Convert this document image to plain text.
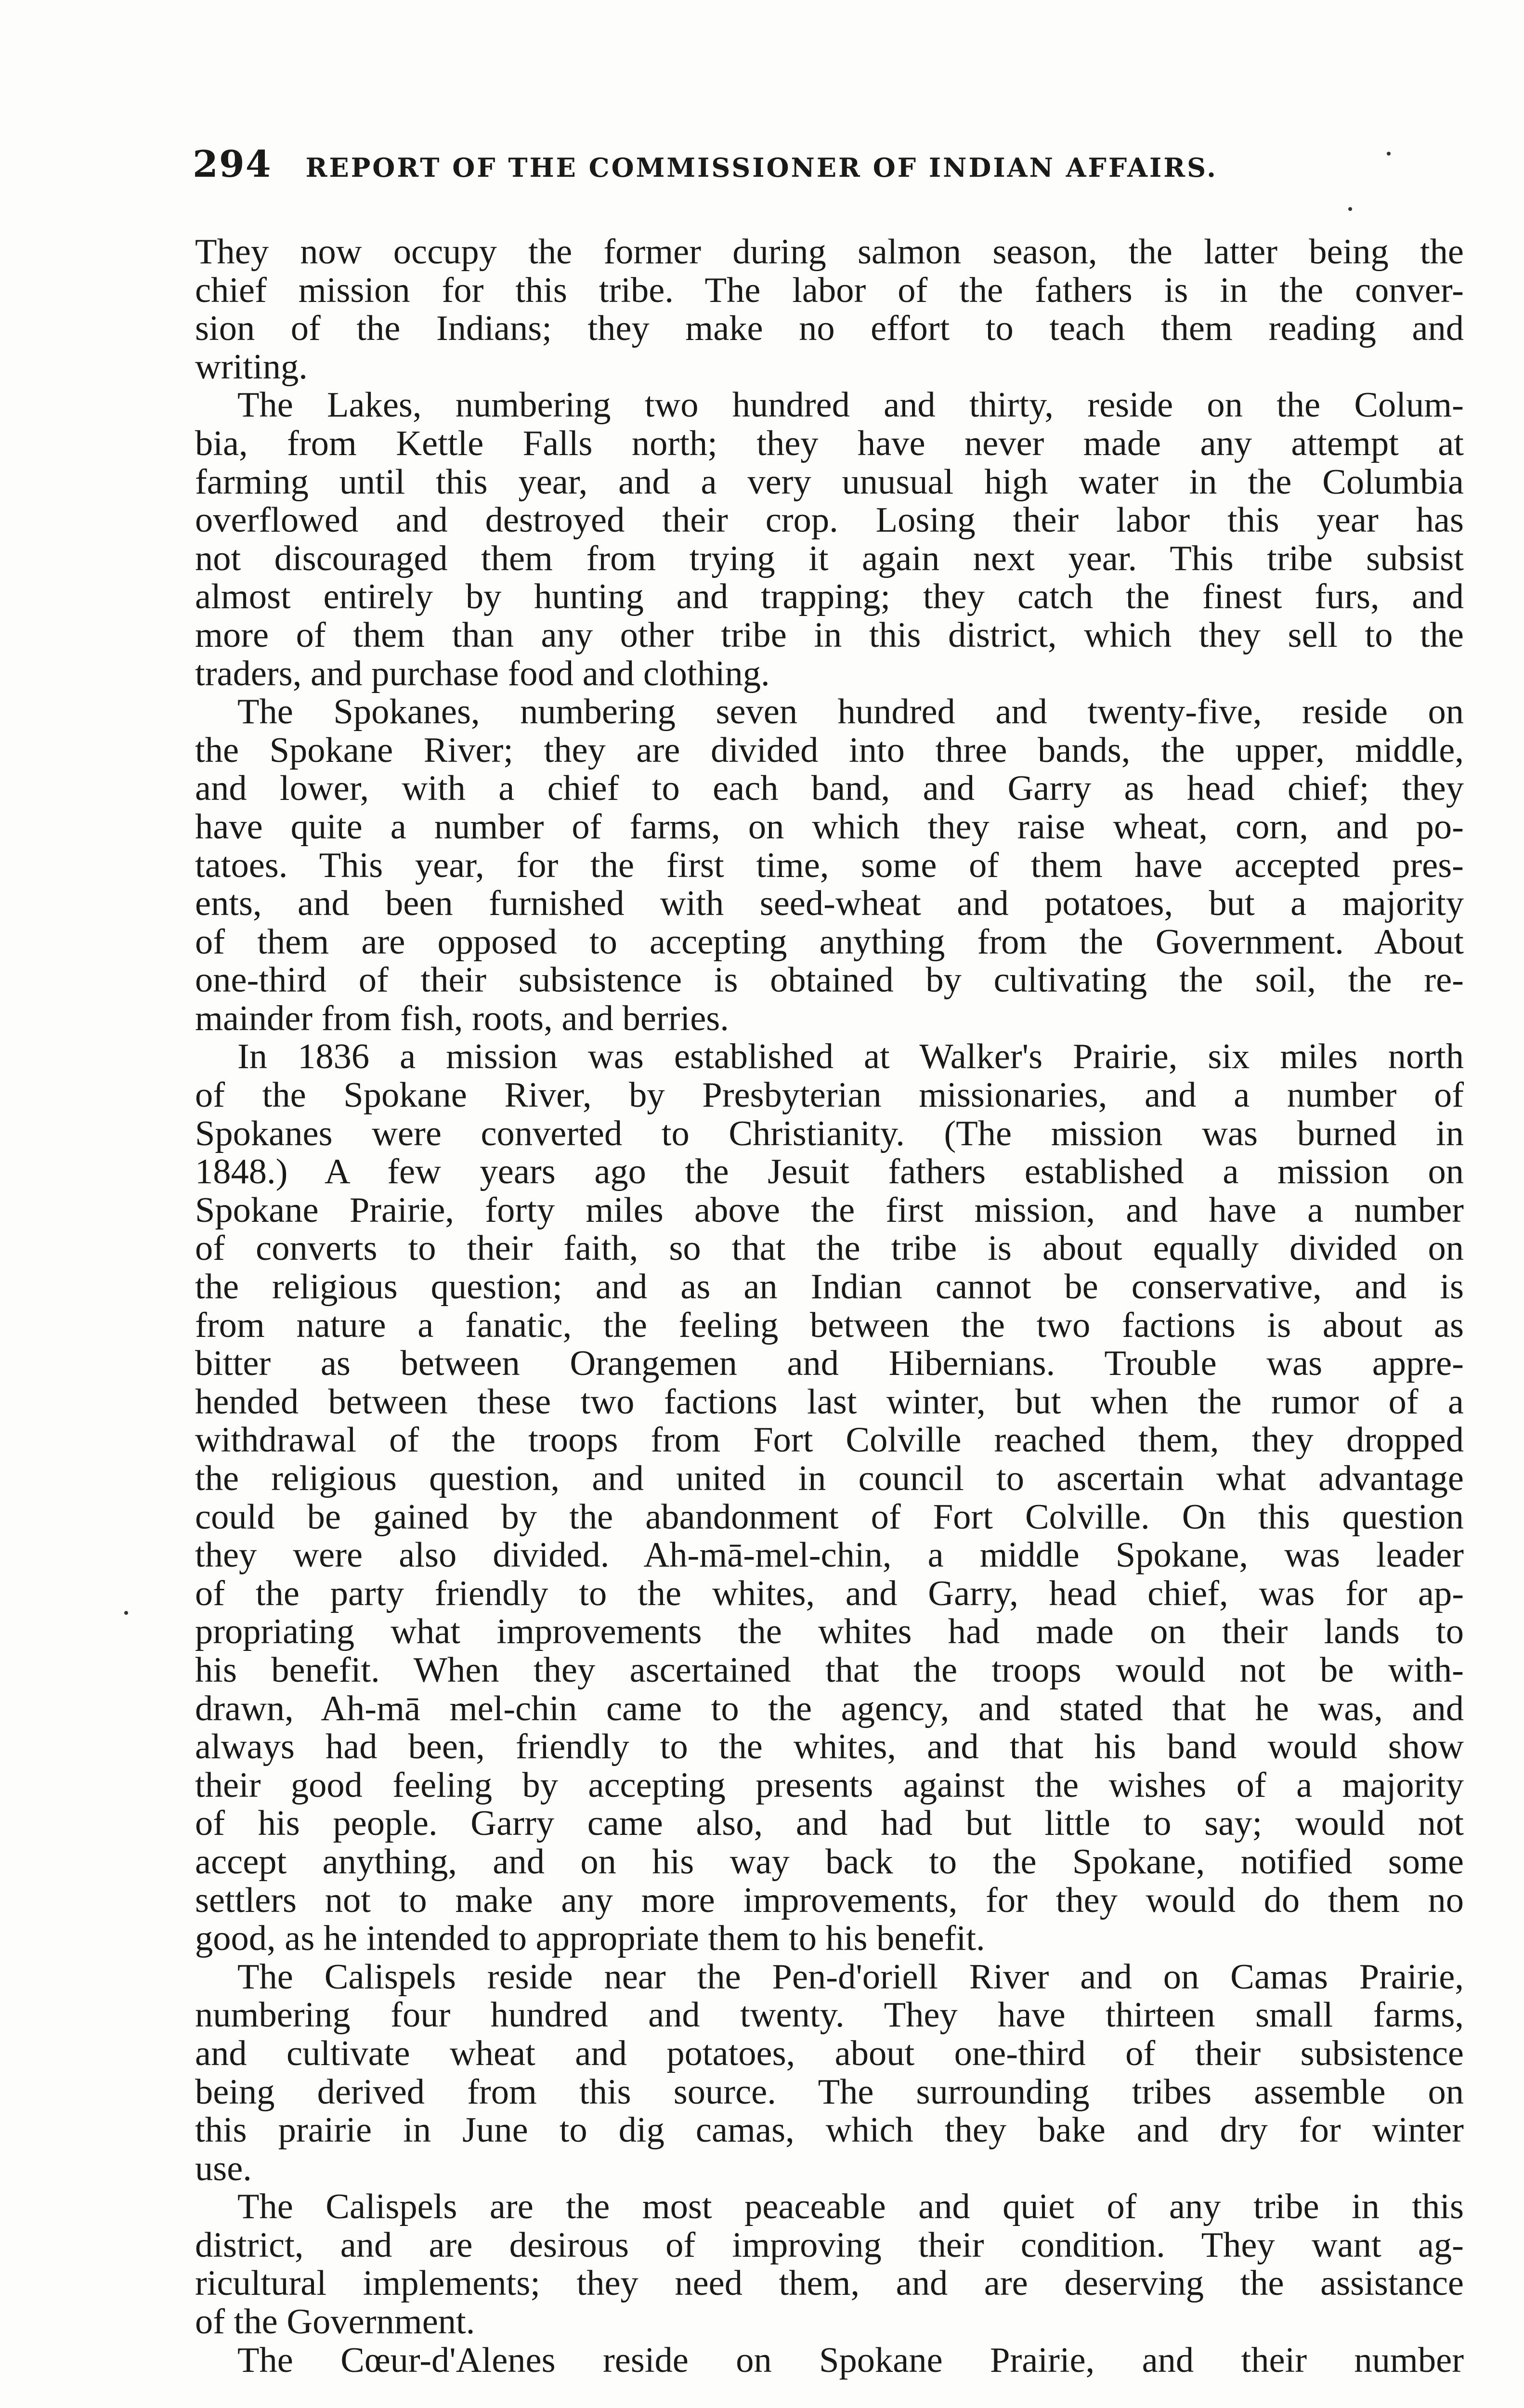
294 REPORT OF THE COMMISSIONER OF INDIAN AFFAIRS.
They now occupy the former during salmon season, the latter being the
chief mission for this tribe. The labor of the fathers is in the conver-
sion of the Indians; they make no effort to teach them reading and
writing.
The Lakes, numbering two hundred and thirty, reside on the Colum-
bia, from Kettle Falls north; they have never made any attempt at
farming until this year, and a very unusual high water in the Columbia
overflowed and destroyed their crop. Losing their labor this year has
not discouraged them from trying it again next year. This tribe subsist
almost entirely by hunting and trapping; they catch the finest furs, and
more of them than any other tribe in this district, which they sell to the
traders, and purchase food and clothing.
The Spokanes, numbering seven hundred and twenty-five, reside on
the Spokane River; they are divided into three bands, the upper, middle,
and lower, with a chief to each band, and Garry as head chief; they
have quite a number of farms, on which they raise wheat, corn, and po-
tatoes. This year, for the first time, some of them have accepted pres-
ents, and been furnished with seed-wheat and potatoes, but a majority
of them are opposed to accepting anything from the Government. About
one-third of their subsistence is obtained by cultivating the soil, the re-
mainder from fish, roots, and berries.
In 1836 a mission was established at Walker's Prairie, six miles north
of the Spokane River, by Presbyterian missionaries, and a number of
Spokanes were converted to Christianity. (The mission was burned in
1848.) A few years ago the Jesuit fathers established a mission on
Spokane Prairie, forty miles above the first mission, and have a number
of converts to their faith, so that the tribe is about equally divided on
the religious question; and as an Indian cannot be conservative, and is
from nature a fanatic, the feeling between the two factions is about as
bitter as between Orangemen and Hibernians. Trouble was appre-
hended between these two factions last winter, but when the rumor of a
withdrawal of the troops from Fort Colville reached them, they dropped
the religious question, and united in council to ascertain what advantage
could be gained by the abandonment of Fort Colville. On this question
they were also divided. Ah-mā-mel-chin, a middle Spokane, was leader
of the party friendly to the whites, and Garry, head chief, was for ap-
propriating what improvements the whites had made on their lands to
his benefit. When they ascertained that the troops would not be with-
drawn, Ah-mā mel-chin came to the agency, and stated that he was, and
always had been, friendly to the whites, and that his band would show
their good feeling by accepting presents against the wishes of a majority
of his people. Garry came also, and had but little to say; would not
accept anything, and on his way back to the Spokane, notified some
settlers not to make any more improvements, for they would do them no
good, as he intended to appropriate them to his benefit.
The Calispels reside near the Pen-d'oriell River and on Camas Prairie,
numbering four hundred and twenty. They have thirteen small farms,
and cultivate wheat and potatoes, about one-third of their subsistence
being derived from this source. The surrounding tribes assemble on
this prairie in June to dig camas, which they bake and dry for winter
use.
The Calispels are the most peaceable and quiet of any tribe in this
district, and are desirous of improving their condition. They want ag-
ricultural implements; they need them, and are deserving the assistance
of the Government.
The Cœur-d'Alenes reside on Spokane Prairie, and their number
